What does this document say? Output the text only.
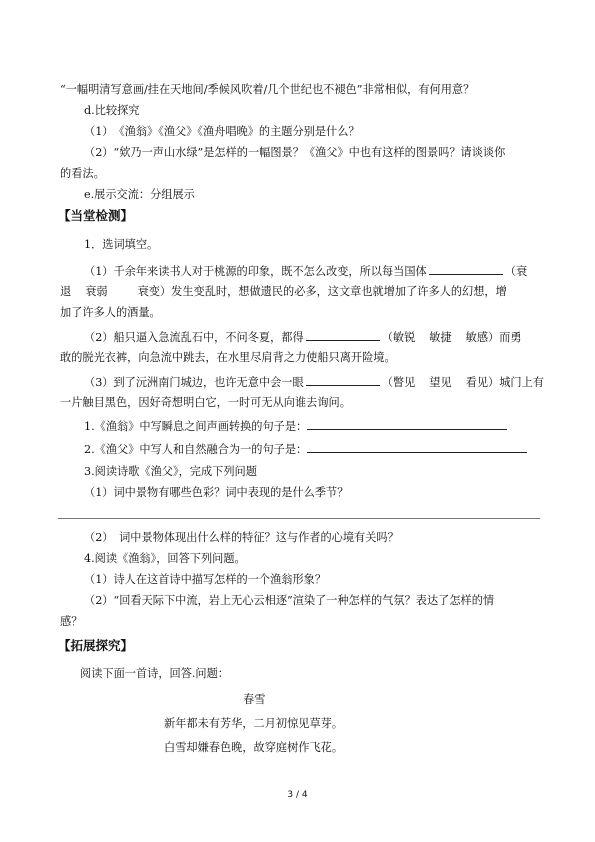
“一幅明清写意画/挂在天地间/季候风吹着/几个世纪也不褪色”非常相似，有何用意？
d.比较探究
（1）　《渔翁》《渔父》《渔舟唱晚》的主题分别是什么？
（2）“欸乃一声山水绿”是怎样的一幅图景？《渔父》中也有这样的图景吗？请谈谈你
的看法。
e.展示交流：分组展示
【当堂检测】
1．选词填空。
（1）千余年来读书人对于桃源的印象，既不怎么改变，所以每当国体	（衰
退 衰弱	衰变）发生变乱时，想做遗民的必多，这文章也就增加了许多人的幻想，增
加了许多人的酒量。
（2）船只逼入急流乱石中，不问冬夏，都得	（敏锐 敏捷 敏感）而勇
敢的脱光衣裤，向急流中跳去，在水里尽肩背之力使船只离开险境。
（3）到了沅洲南门城边，也许无意中会一眼	（瞥见 望见 看见）城门上有
一片触目黑色，因好奇想明白它，一时可无从向谁去询问。
1.《渔翁》中写瞬息之间声画转换的句子是：
2.《渔父》中写人和自然融合为一的句子是：
3.阅读诗歌《渔父》，完成下列问题
（1）词中景物有哪些色彩？词中表现的是什么季节？
（2）　词中景物体现出什么样的特征？这与作者的心境有关吗？
4.阅读《渔翁》，回答下列问题。
（1）诗人在这首诗中描写怎样的一个渔翁形象？
（2）“回看天际下中流，岩上无心云相逐”渲染了一种怎样的气氛？表达了怎样的情
感？
【拓展探究】
阅读下面一首诗，回答.问题：
春雪
新年都未有芳华，二月初惊见草芽。
白雪却嫌春色晚，故穿庭树作飞花。
3 / 4
